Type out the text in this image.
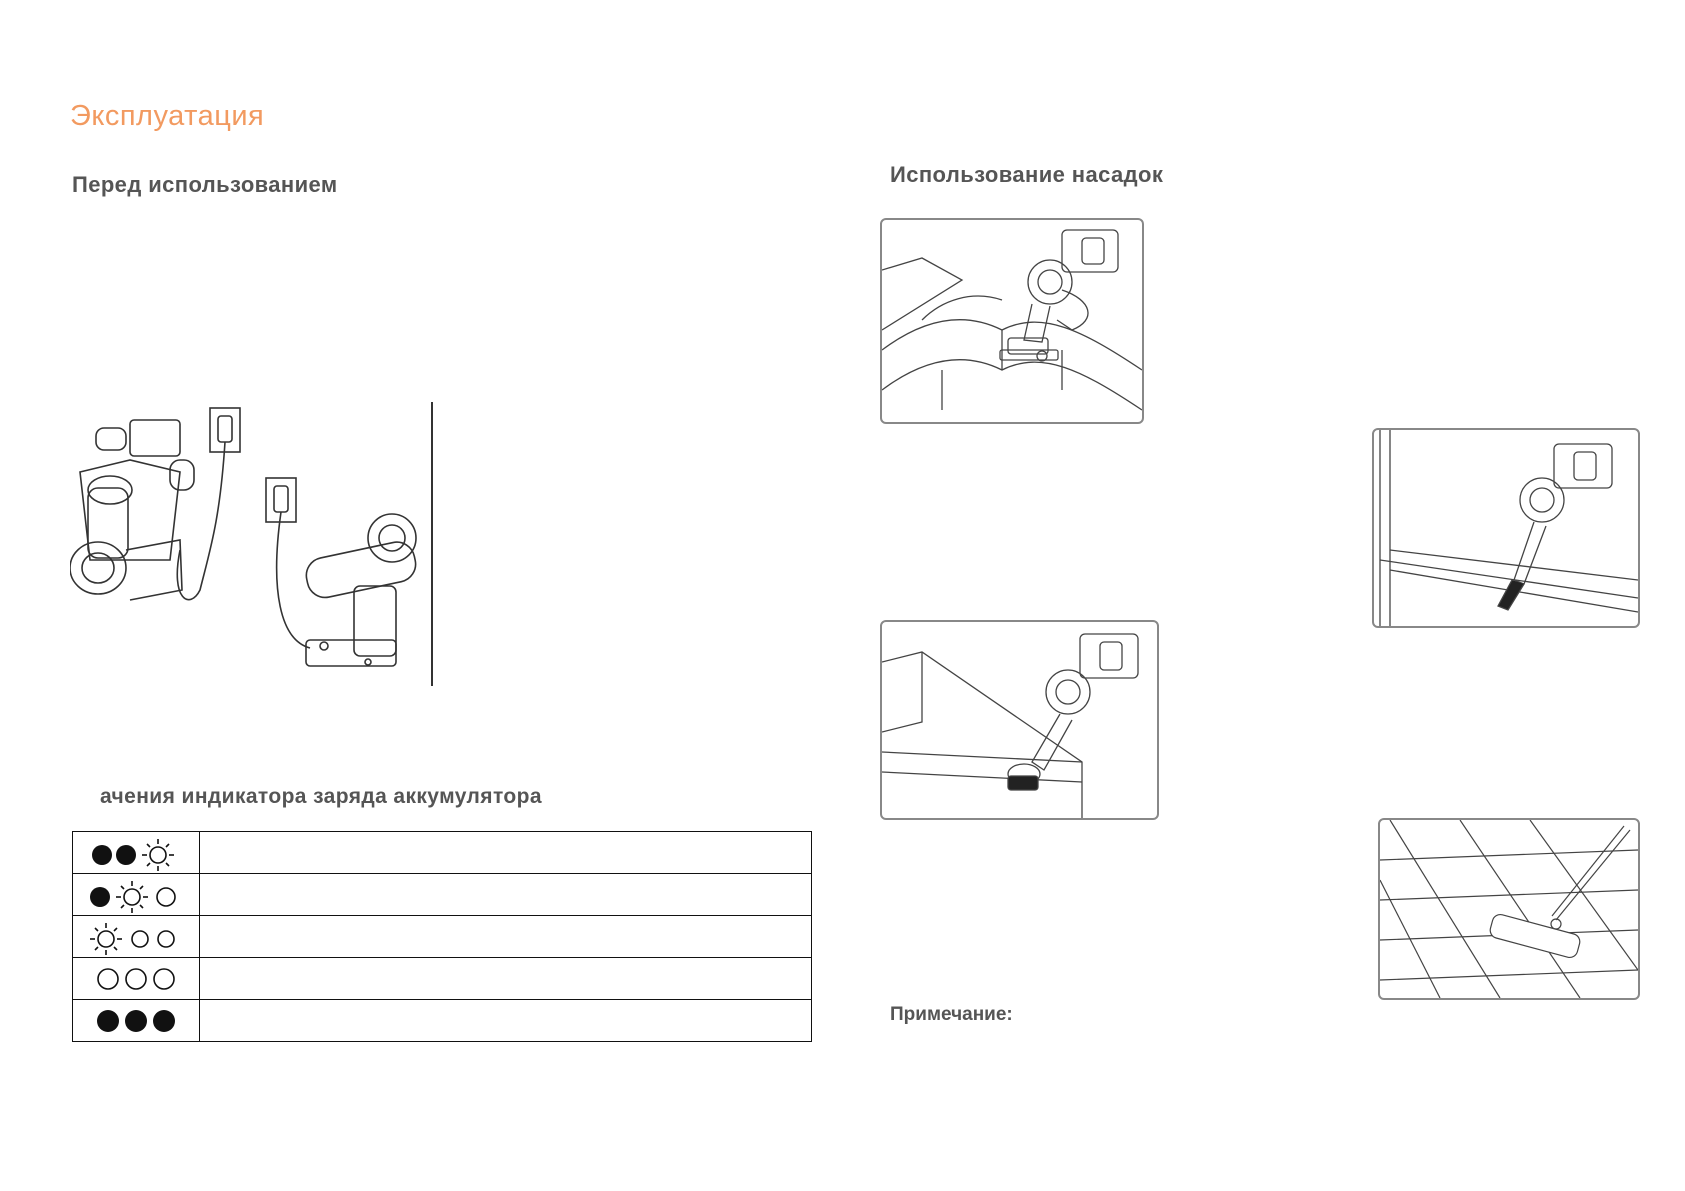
Эксплуатация
Перед использованием
ачения индикатора заряда аккумулятора

Использование насадок
Примечание:
